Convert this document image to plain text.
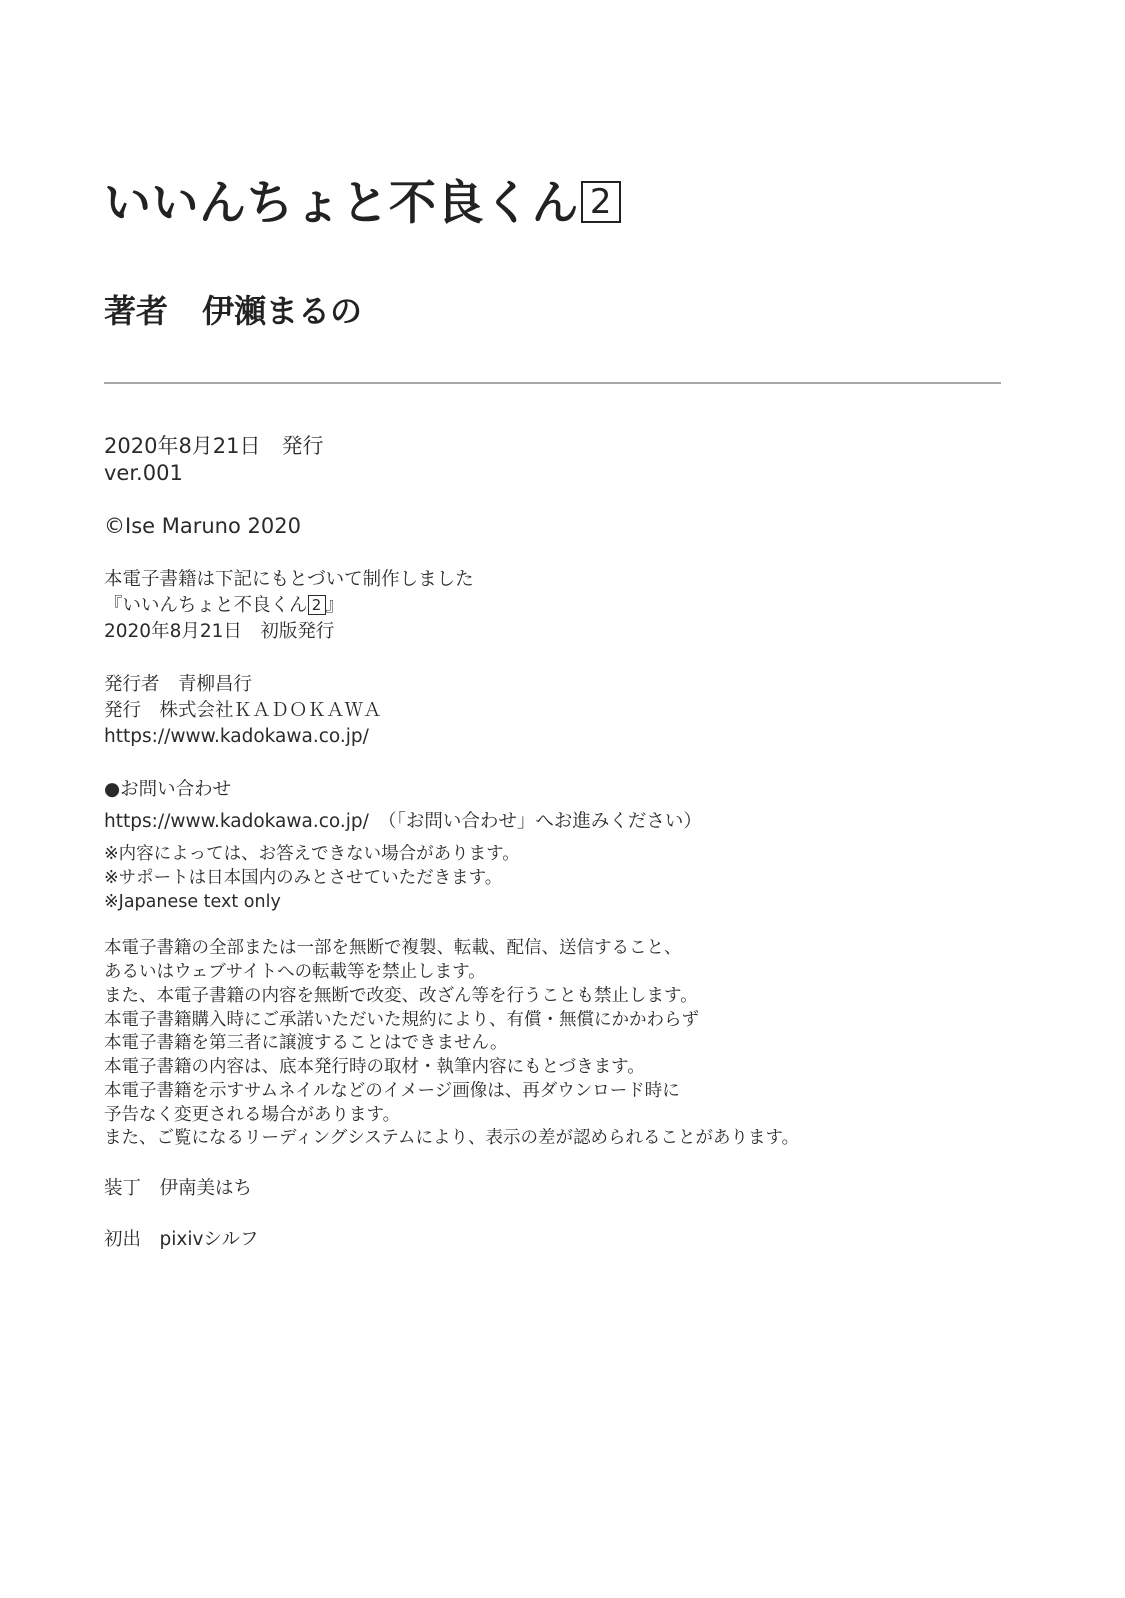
いいんちょと不良くん 2
著者 伊瀬まるの
2020年8月21日　発行
ver.001
©Ise Maruno 2020
本電子書籍は下記にもとづいて制作しました
『いいんちょと不良くん 2 』
2020年8月21日　初版発行
発行者　青柳昌行
発行　株式会社ＫＡＤＯＫＡＷＡ
https://www.kadokawa.co.jp/
●お問い合わせ
https://www.kadokawa.co.jp/　（「お問い合わせ」へお進みください）
※内容によっては、お答えできない場合があります。
※サポートは日本国内のみとさせていただきます。
※Japanese text only
本電子書籍の全部または一部を無断で複製、転載、配信、送信すること、
あるいはウェブサイトへの転載等を禁止します。
また、本電子書籍の内容を無断で改変、改ざん等を行うことも禁止します。
本電子書籍購入時にご承諾いただいた規約により、有償・無償にかかわらず
本電子書籍を第三者に譲渡することはできません。
本電子書籍の内容は、底本発行時の取材・執筆内容にもとづきます。
本電子書籍を示すサムネイルなどのイメージ画像は、再ダウンロード時に
予告なく変更される場合があります。
また、ご覧になるリーディングシステムにより、表示の差が認められることがあります。
装丁　伊南美はち
初出　pixivシルフ
